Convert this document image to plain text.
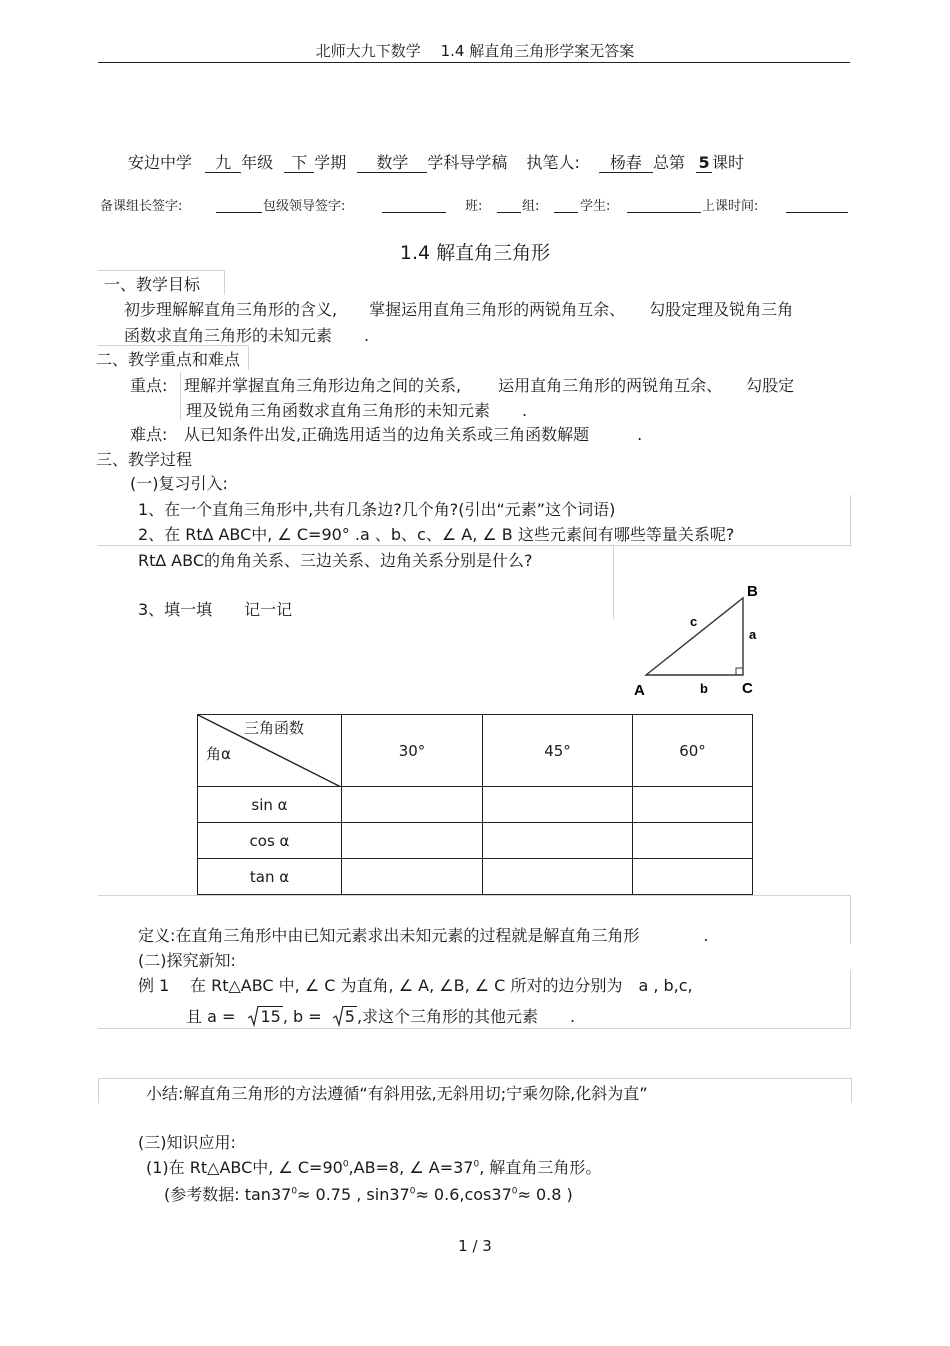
北师大九下数学　 1.4 解直角三角形学案无答案
安边中学 九 年级 下 学期 数学 学科导学稿 执笔人: 杨春 总第 5 课时
备课组长签字:	包级领导签字:	班:	组:	学生:	上课时间:
1.4 解直角三角形
一、教学目标
初步理解解直角三角形的含义,　　掌握运用直角三角形的两锐角互余、　　勾股定理及锐角三角
函数求直角三角形的未知元素　　.
二、教学重点和难点
重点: 理解并掌握直角三角形边角之间的关系,　　 运用直角三角形的两锐角互余、　　勾股定
理及锐角三角函数求直角三角形的未知元素　　.
难点: 从已知条件出发,正确选用适当的边角关系或三角函数解题　　　.
三、教学过程
(一)复习引入:
1、在一个直角三角形中,共有几条边?几个角?(引出“元素”这个词语)
2、在 Rt∆ ABC中, ∠ C=90° .a 、b、c、∠ A, ∠ B 这些元素间有哪些等量关系呢?
Rt∆ ABC的角角关系、三边关系、边角关系分别是什么?
3、填一填　　记一记
B
A	C
a
c
b
三角函数
角α	30°	45°	60°
sin α			
cos α			
tan α			
定义:在直角三角形中由已知元素求出未知元素的过程就是解直角三角形　　　　.
(二)探究新知:
例 1 在 Rt△ABC 中, ∠ C 为直角, ∠ A, ∠B, ∠ C 所对的边分别为　a , b,c,
且 a = 15 , b = 5 ,求这个三角形的其他元素　　.
小结:解直角三角形的方法遵循“有斜用弦,无斜用切;宁乘勿除,化斜为直”
(三)知识应用:
(1)在 Rt△ABC中, ∠ $C=90^0,AB=8$, ∠ $A=37^0$, 解直角三角形。
(参考数据: $\tan 37^0\approx 0.75$ , $\sin 37^0\approx 0.6,\cos 37^0\approx 0.8$ )
1 / 3
